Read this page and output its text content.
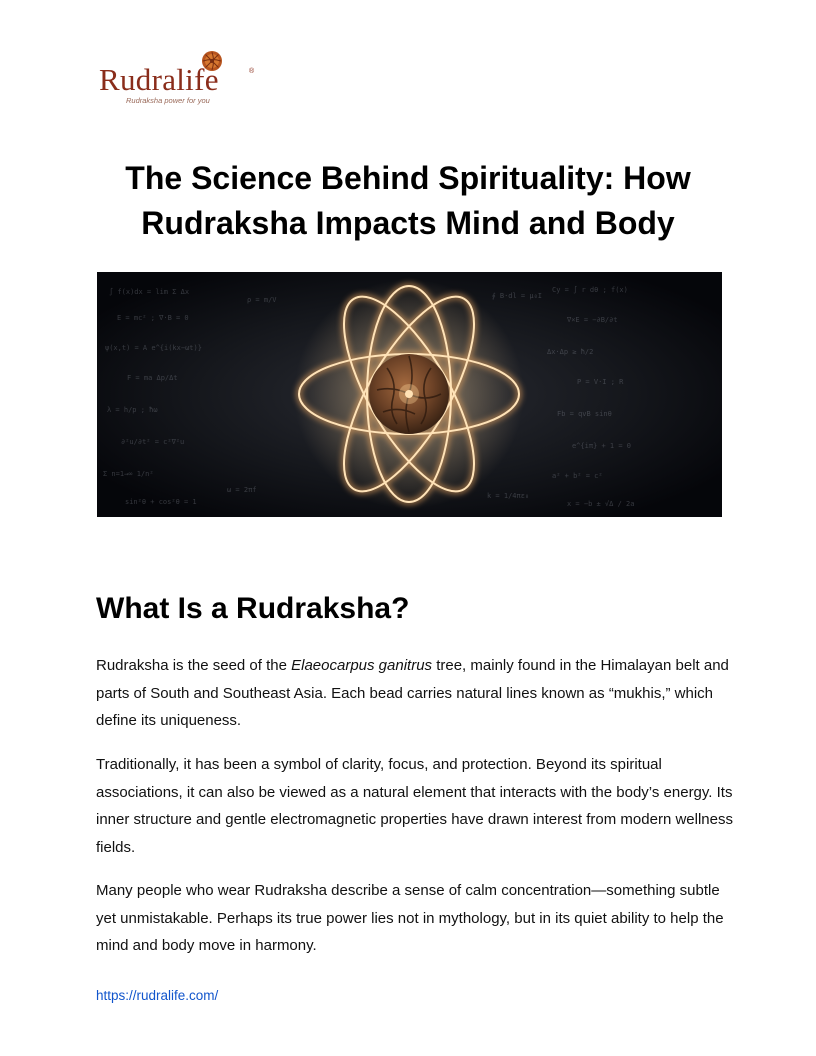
Rudralife	®
Rudraksha power for you
The Science Behind Spirituality: How Rudraksha Impacts Mind and Body
∫ f(x)dx = lim Σ Δx
E = mc² ; ∇·B = 0
ψ(x,t) = A e^{i(kx−ωt)}
F = ma Δp/Δt
λ = h/p ; ħω
∂²u/∂t² = c²∇²u
Σ n=1→∞ 1/n²
sin²θ + cos²θ = 1
Cy = ∫ r dθ ; f(x)
∇×E = −∂B/∂t
Δx·Δp ≥ ħ/2
P = V·I ; R
Fb = qvB sinθ
e^{iπ} + 1 = 0
a² + b² = c²
x = −b ± √Δ / 2a
ρ = m/V
ω = 2πf
k = 1/4πε₀
∮ B·dl = μ₀I
What Is a Rudraksha?

Rudraksha is the seed of the Elaeocarpus ganitrus tree, mainly found in the Himalayan belt and parts of South and Southeast Asia. Each bead carries natural lines known as “mukhis,” which define its uniqueness.

Traditionally, it has been a symbol of clarity, focus, and protection. Beyond its spiritual associations, it can also be viewed as a natural element that interacts with the body’s energy. Its inner structure and gentle electromagnetic properties have drawn interest from modern wellness fields.

Many people who wear Rudraksha describe a sense of calm concentration—something subtle yet unmistakable. Perhaps its true power lies not in mythology, but in its quiet ability to help the mind and body move in harmony.

https://rudralife.com/
